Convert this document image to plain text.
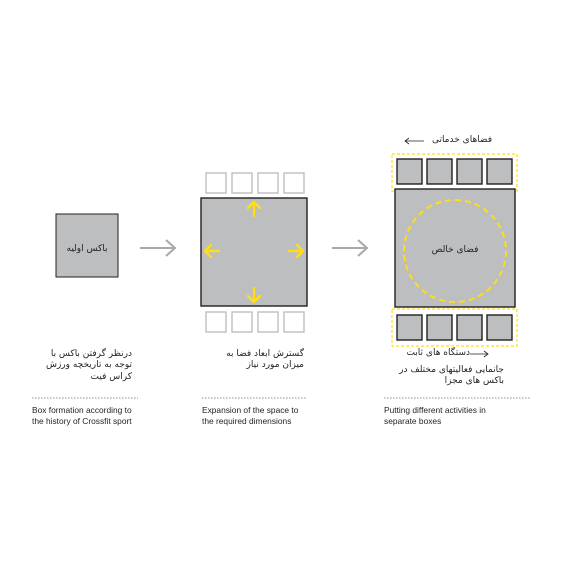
باکس اولیه
فضاهای خدماتی
فضای خالص
دستگاه های ثابت
درنظر گرفتن باکس با
توجه به تاریخچه ورزش
کراس فیت
گسترش ابعاد فضا به
میزان مورد نیاز	جانمایی فعالیتهای مختلف در
باکس های مجزا
Box formation according to
the history of Crossfit sport
Expansion of the space to
the required dimensions
Putting different activities in
separate boxes
